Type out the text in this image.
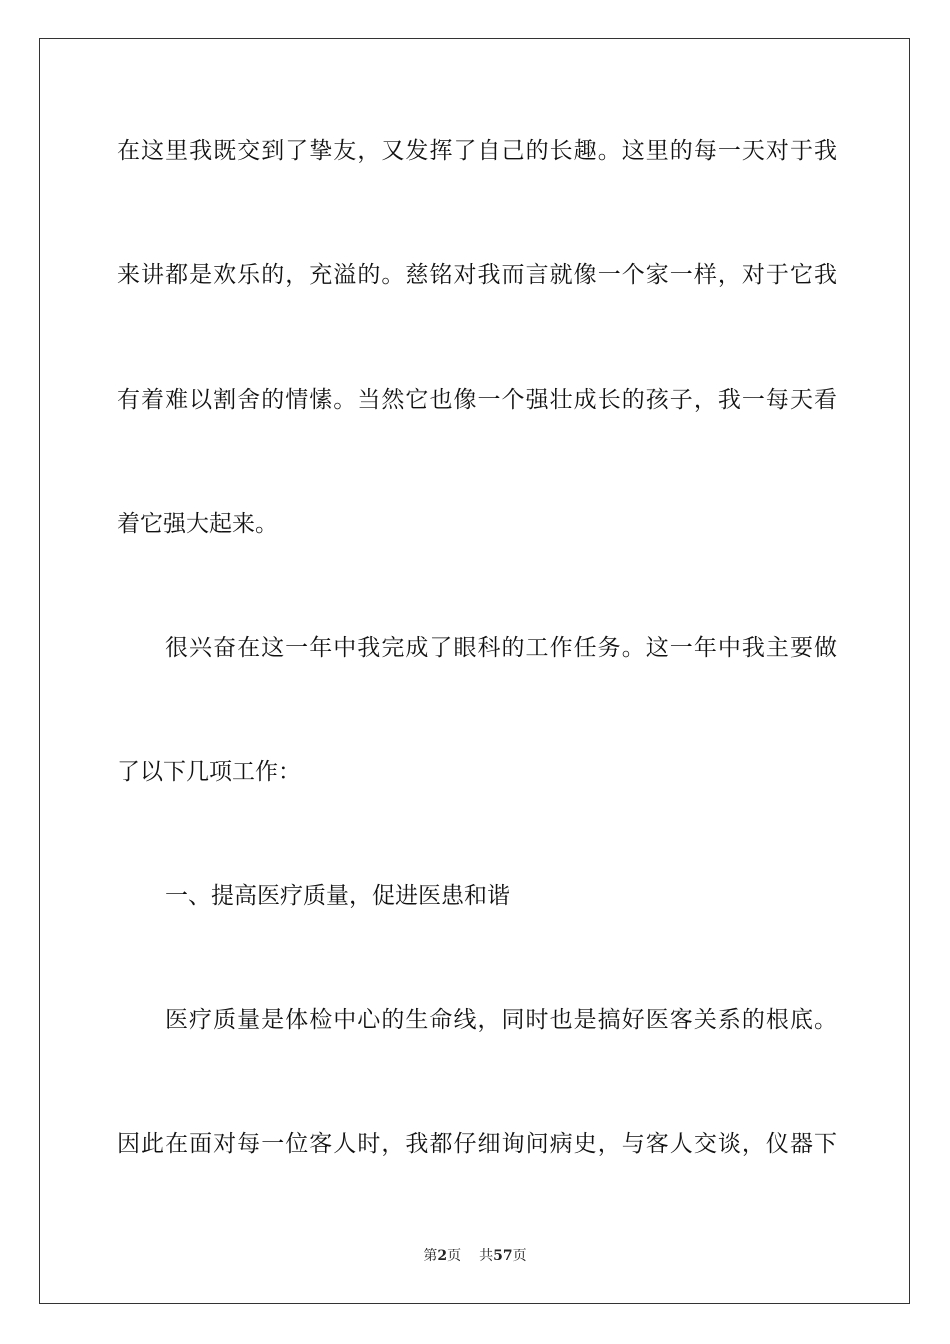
在这里我既交到了挚友，又发挥了自己的长趣。这里的每一天对于我
来讲都是欢乐的，充溢的。慈铭对我而言就像一个家一样，对于它我
有着难以割舍的情愫。当然它也像一个强壮成长的孩子，我一每天看
着它强大起来。
很兴奋在这一年中我完成了眼科的工作任务。这一年中我主要做
了以下几项工作：
一、提高医疗质量，促进医患和谐
医疗质量是体检中心的生命线，同时也是搞好医客关系的根底。
因此在面对每一位客人时，我都仔细询问病史，与客人交谈，仪器下
第2页 共57页
